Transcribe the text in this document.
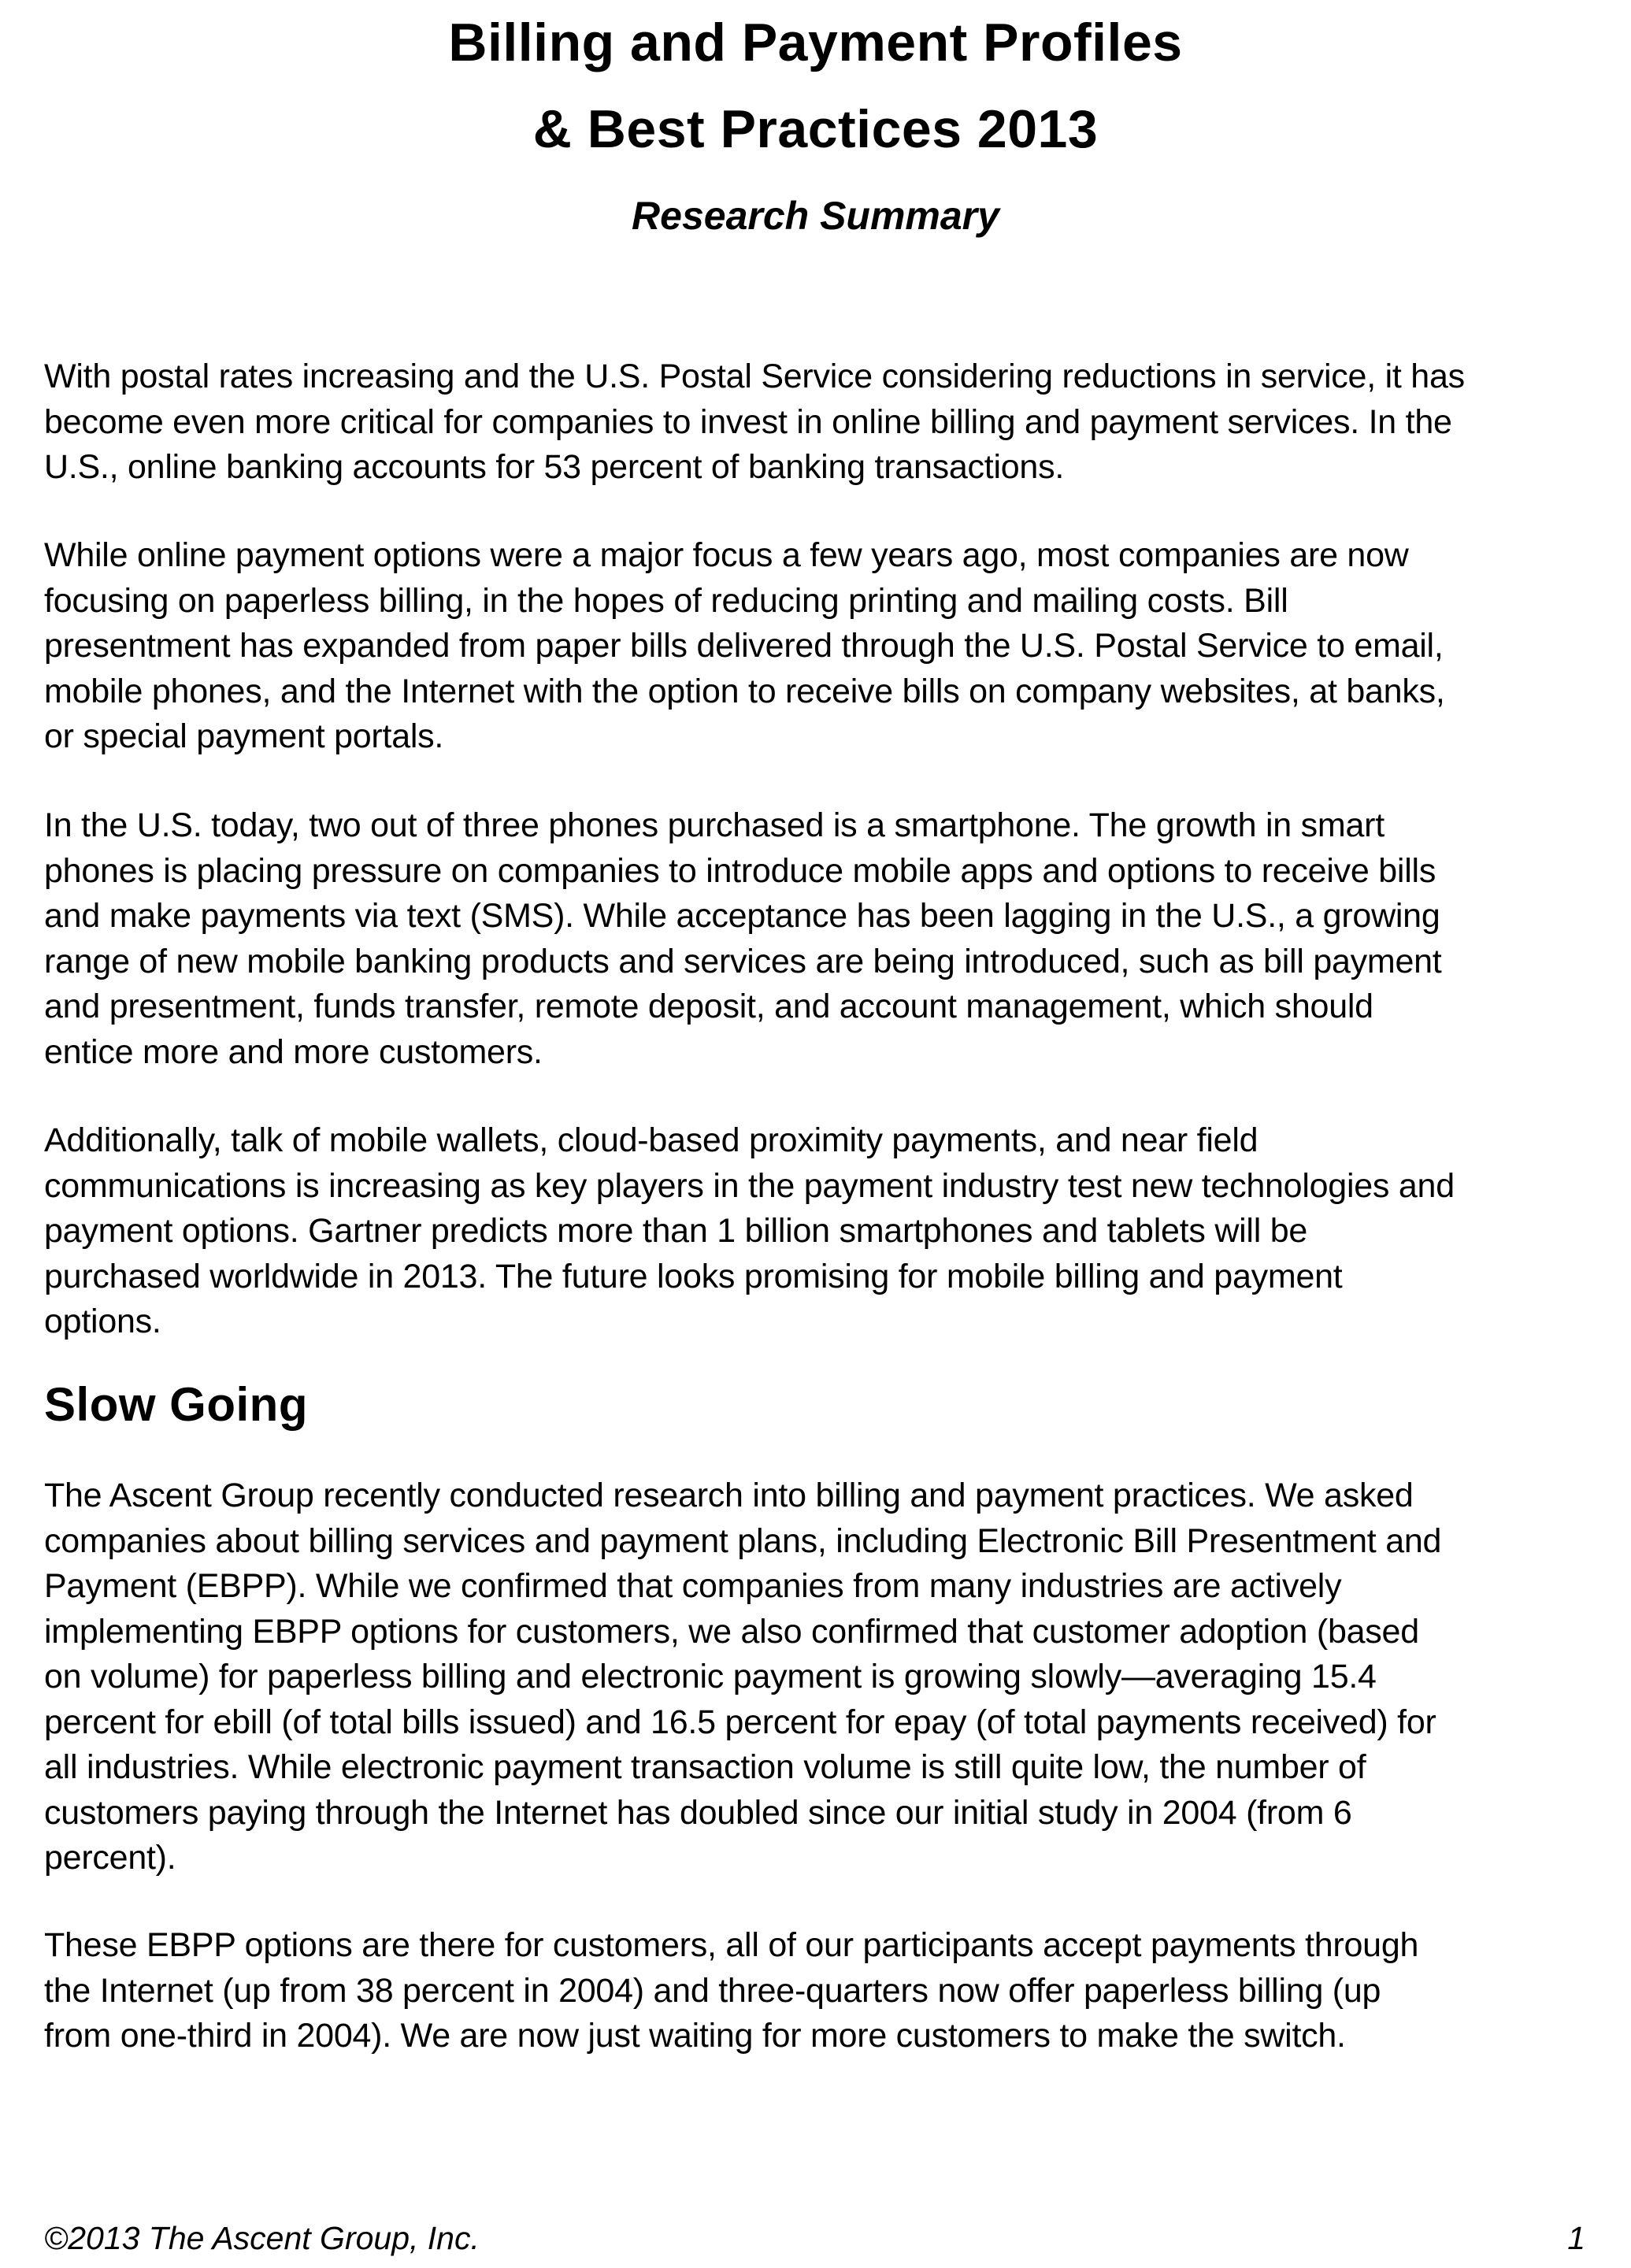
Billing and Payment Profiles
& Best Practices 2013
Research Summary

With postal rates increasing and the U.S. Postal Service considering reductions in service, it has
become even more critical for companies to invest in online billing and payment services. In the
U.S., online banking accounts for 53 percent of banking transactions.

While online payment options were a major focus a few years ago, most companies are now
focusing on paperless billing, in the hopes of reducing printing and mailing costs. Bill
presentment has expanded from paper bills delivered through the U.S. Postal Service to email,
mobile phones, and the Internet with the option to receive bills on company websites, at banks,
or special payment portals.

In the U.S. today, two out of three phones purchased is a smartphone. The growth in smart
phones is placing pressure on companies to introduce mobile apps and options to receive bills
and make payments via text (SMS). While acceptance has been lagging in the U.S., a growing
range of new mobile banking products and services are being introduced, such as bill payment
and presentment, funds transfer, remote deposit, and account management, which should
entice more and more customers.

Additionally, talk of mobile wallets, cloud-based proximity payments, and near field
communications is increasing as key players in the payment industry test new technologies and
payment options. Gartner predicts more than 1 billion smartphones and tablets will be
purchased worldwide in 2013. The future looks promising for mobile billing and payment
options.

Slow Going

The Ascent Group recently conducted research into billing and payment practices. We asked
companies about billing services and payment plans, including Electronic Bill Presentment and
Payment (EBPP). While we confirmed that companies from many industries are actively
implementing EBPP options for customers, we also confirmed that customer adoption (based
on volume) for paperless billing and electronic payment is growing slowly—averaging 15.4
percent for ebill (of total bills issued) and 16.5 percent for epay (of total payments received) for
all industries. While electronic payment transaction volume is still quite low, the number of
customers paying through the Internet has doubled since our initial study in 2004 (from 6
percent).

These EBPP options are there for customers, all of our participants accept payments through
the Internet (up from 38 percent in 2004) and three-quarters now offer paperless billing (up
from one-third in 2004). We are now just waiting for more customers to make the switch.

©2013 The Ascent Group, Inc.	1
